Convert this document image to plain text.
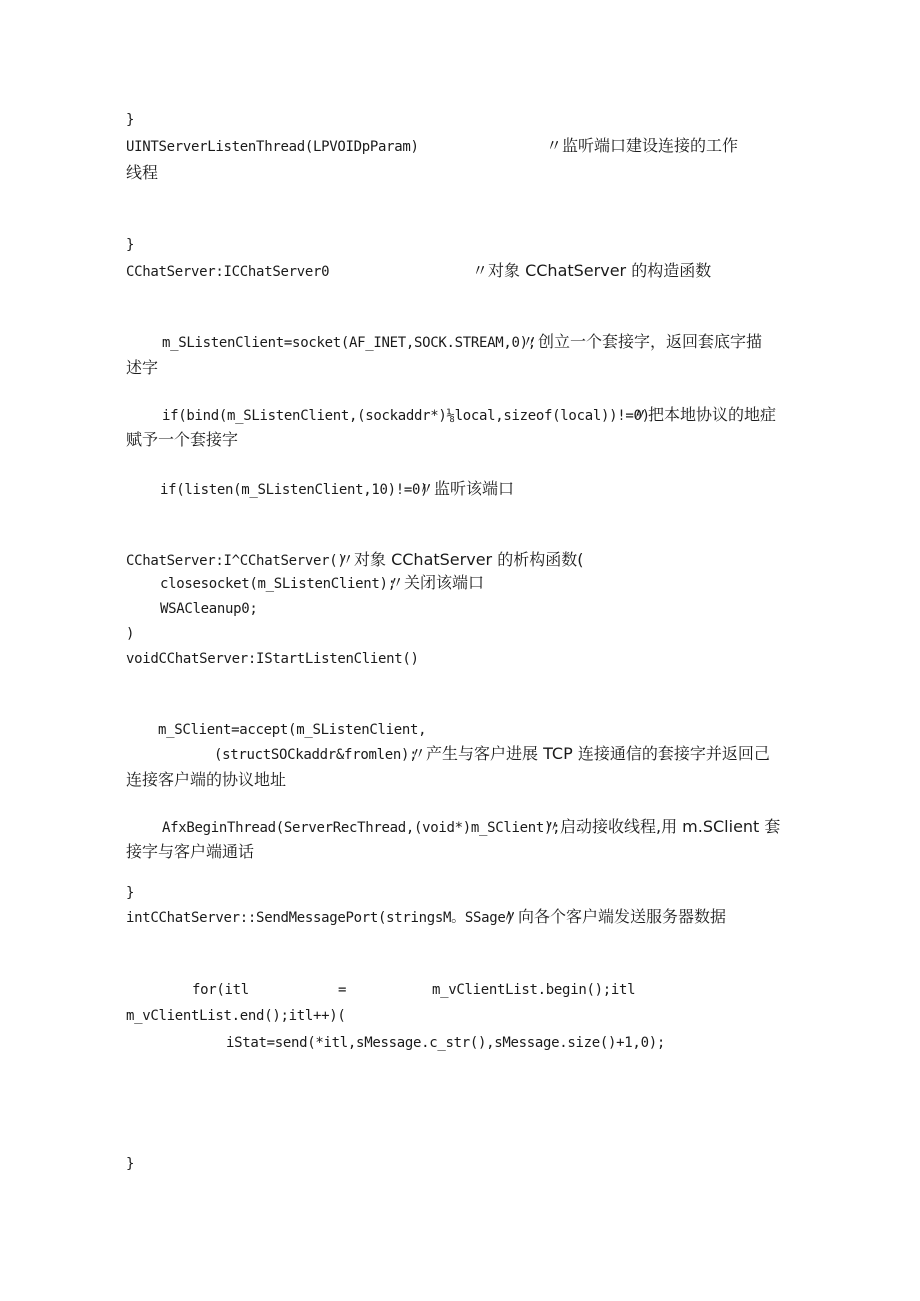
}
UINTServerListenThread(LPVOIDpParam)	〃监听端口建设连接的工作
线程
}
CChatServer:ICChatServer0	〃对象 CChatServer 的构造函数
m_SListenClient=socket(AF_INET,SOCK.STREAM,0);
〃创立一个套接字，返回套底字描
述字
if(bind(m_SListenClient,(sockaddr*)⅛local,sizeof(local))!=0)
〃把本地协议的地症
赋予一个套接字
if(listen(m_SListenClient,10)!=0)
〃监听该端口
CChatServer:I^CChatServer()
〃对象 CChatServer 的析构函数(
closesocket(m_SListenClient);
〃关闭该端口
WSACleanup0;
)
voidCChatServer:IStartListenClient()
m_SClient=accept(m_SListenClient,
(structSOCkaddr&fromlen);
〃产生与客户进展 TCP 连接通信的套接字并返回己
连接客户端的协议地址
AfxBeginThread(ServerRecThread,(void*)m_SClient);
〃启动接收线程,用 m.SClient 套
接字与客户端通话
}
intCChatServer::SendMessagePort(stringsM。SSage)
〃向各个客户端发送服务器数据
for(itl	=	m_vClientList.begin();itl
m_vClientList.end();itl++)(
iStat=send(*itl,sMessage.c_str(),sMessage.size()+1,0);
}
